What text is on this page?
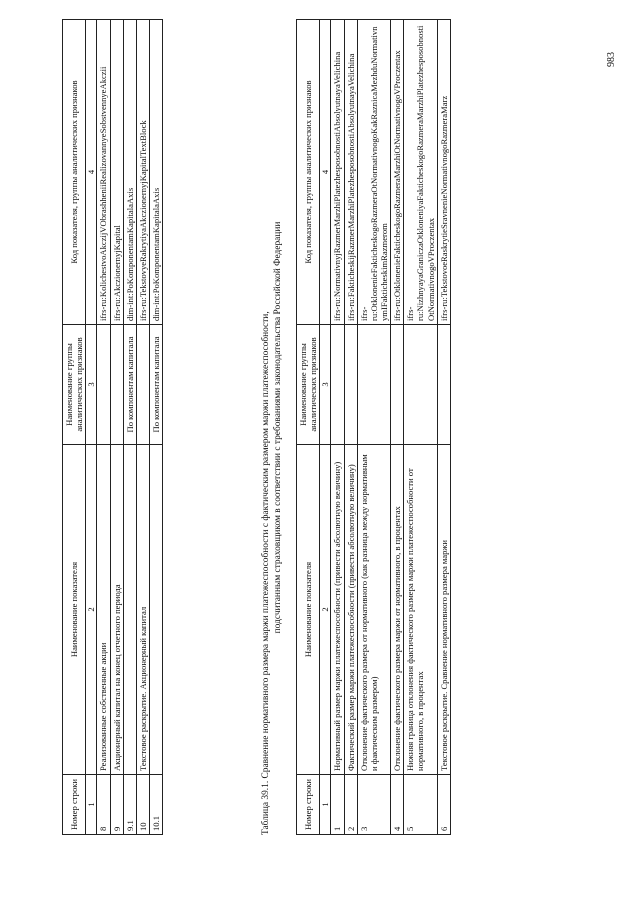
Номер строки	Наименование показателя	Наименование группы аналитических признаков	Код показателя, группы аналитических признаков
1	2	3	4
8	Реализованные собственные акции		ifrs-ru:KolichestvoAkczijVObrashheniiRealizovannyeSobstvennyeAkczii
9	Акционерный капитал на конец отчетного периода		ifrs-ru:AkczionernyjKapital
9.1		По компонентам капитала	dim-int:PoKomponentamKapitalaAxis
10	Текстовое раскрытие. Акционерный капитал		ifrs-ru:TekstovyeRakrytiyaAkczionernyjKapitalTextBlock
10.1		По компонентам капитала	dim-int:PoKomponentamKapitalaAxis
Таблица 39.1. Сравнение нормативного размера маржи платежеспособности с фактическим размером маржи платежеспособности, подсчитанным страховщиком в соответствии с требованиями законодательства Российской Федерации
Номер строки	Наименование показателя	Наименование группы аналитических признаков	Код показателя, группы аналитических признаков
1	2	3	4
1	Нормативный размер маржи платежеспособности (привести абсолютную величину)		ifrs-ru:NormativnyjRazmerMarzhiPlatezhesposobnostiAbsolyutnayaVelichina
2	Фактический размер маржи платежеспособности (привести абсолютную величину)		ifrs-ru:FakticheskijRazmerMarzhiPlatezhesposobnostiAbsolyutnayaVelichina
3	Отклонение фактического размера от нормативного (как разница между нормативным и фактическим размером)		ifrs-ru:OtklonenieFakticheskogoRazmeraOtNormativnogoKakRaznicaMezhduNormativnymIFakticheskimRazmerom
4	Отклонение фактического размера маржи от нормативного, в процентах		ifrs-ru:OtklonenieFakticheskogoRazmeraMarzhiOtNormativnogoVProczentax
5	Нижняя граница отклонения фактического размера маржи платежеспособности от нормативного, в процентах		ifrs-ru:NizhnyayaGraniczaOtkloneniyaFakticheskogoRazmeraMarzhiPlatezhesposobnostiOtNormativnogoVProczentax
6	Текстовое раскрытие. Сравнение нормативного размера маржи		ifrs-ru:TekstovoeRaskrytieSravnenieNormativnogoRazmeraMarz
983
